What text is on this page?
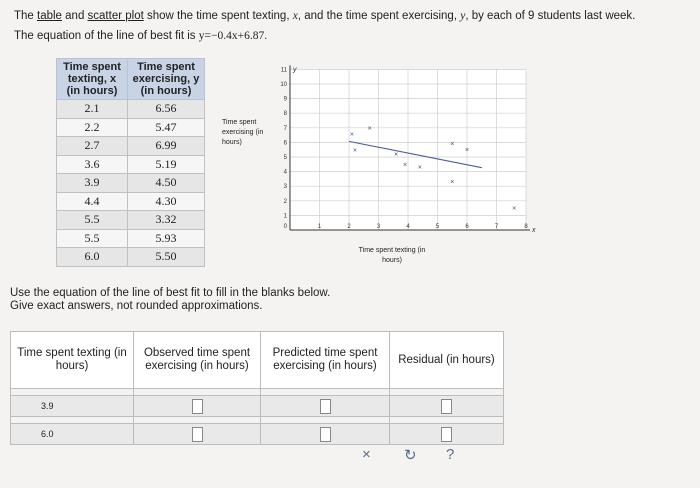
The table and scatter plot show the time spent texting, x, and the time spent exercising, y, by each of 9 students last week.
The equation of the line of best fit is y=−0.4x+6.87.
Time spent texting, x (in hours)	Time spent exercising, y (in hours)
2.1	6.56
2.2	5.47
2.7	6.99
3.6	5.19
3.9	4.50
4.4	4.30
5.5	3.32
5.5	5.93
6.0	5.50
Time spent exercising (in hours)
1	2	3	4	5	6	7	8
1
2
3
4
5
6
7
8
9
10
11
0	x
y
×
×
×
×
× ×
×
×
×
×
Time spent texting (in hours)
Use the equation of the line of best fit to fill in the blanks below.
Give exact answers, not rounded approximations.
Time spent texting (in hours)	Observed time spent exercising (in hours)	Predicted time spent exercising (in hours)	Residual (in hours)

3.9			

6.0			
× ↻ ?
